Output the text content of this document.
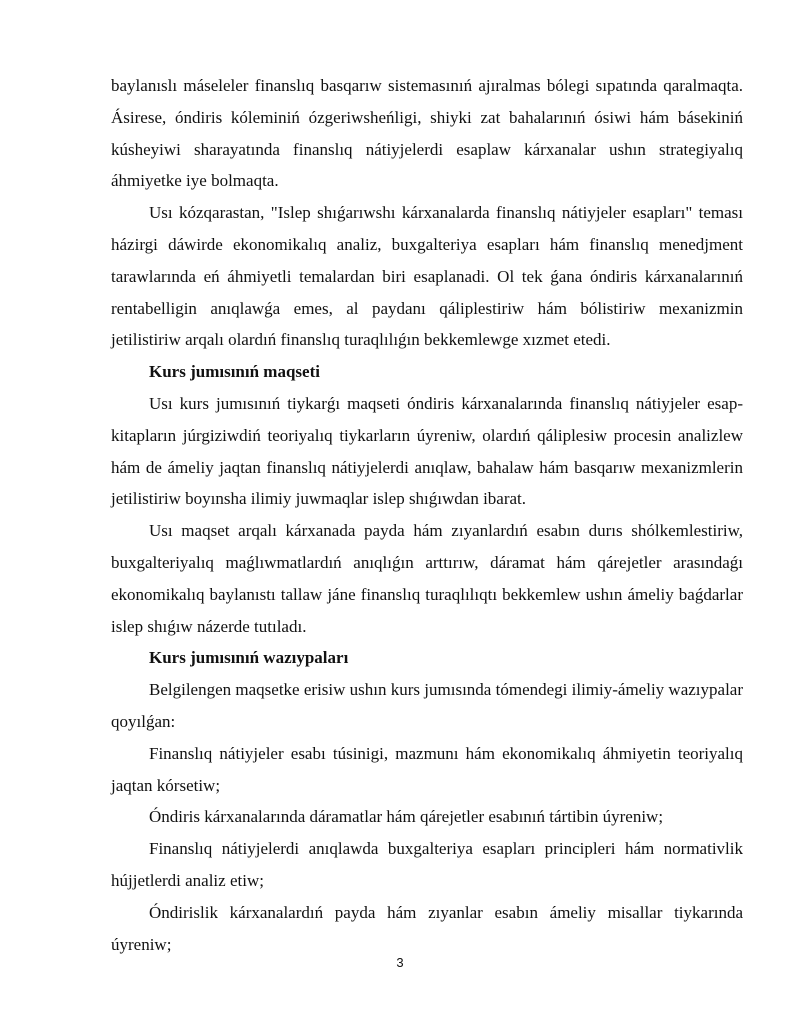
baylanıslı máseleler finanslıq basqarıw sistemasınıń ajıralmas bólegi sıpatında qaralmaqta. Ásirese, óndiris kóleminiń ózgeriwsheńligi, shiyki zat bahalarınıń ósiwi hám básekiniń kúsheyiwi sharayatında finanslıq nátiyjelerdi esaplaw kárxanalar ushın strategiyalıq áhmiyetke iye bolmaqta.

Usı kózqarastan, "Islep shıǵarıwshı kárxanalarda finanslıq nátiyjeler esapları" teması házirgi dáwirde ekonomikalıq analiz, buxgalteriya esapları hám finanslıq menedjment tarawlarında eń áhmiyetli temalardan biri esaplanadi. Ol tek ǵana óndiris kárxanalarınıń rentabelligin anıqlawǵa emes, al paydanı qáliplestiriw hám bólistiriw mexanizmin jetilistiriw arqalı olardıń finanslıq turaqlılıǵın bekkemlewge xızmet etedi.

Kurs jumısınıń maqseti

Usı kurs jumısınıń tiykarǵı maqseti óndiris kárxanalarında finanslıq nátiyjeler esap-kitapların júrgiziwdiń teoriyalıq tiykarların úyreniw, olardıń qáliplesiw procesin analizlew hám de ámeliy jaqtan finanslıq nátiyjelerdi anıqlaw, bahalaw hám basqarıw mexanizmlerin jetilistiriw boyınsha ilimiy juwmaqlar islep shıǵıwdan ibarat.

Usı maqset arqalı kárxanada payda hám zıyanlardıń esabın durıs shólkemlestiriw, buxgalteriyalıq maǵlıwmatlardıń anıqlıǵın arttırıw, dáramat hám qárejetler arasındaǵı ekonomikalıq baylanıstı tallaw jáne finanslıq turaqlılıqtı bekkemlew ushın ámeliy baǵdarlar islep shıǵıw názerde tutıladı.

Kurs jumısınıń wazıypaları

Belgilengen maqsetke erisiw ushın kurs jumısında tómendegi ilimiy-ámeliy wazıypalar qoyılǵan:

Finanslıq nátiyjeler esabı túsinigi, mazmunı hám ekonomikalıq áhmiyetin teoriyalıq jaqtan kórsetiw;

Óndiris kárxanalarında dáramatlar hám qárejetler esabınıń tártibin úyreniw;

Finanslıq nátiyjelerdi anıqlawda buxgalteriya esapları principleri hám normativlik hújjetlerdi analiz etiw;

Óndirislik kárxanalardıń payda hám zıyanlar esabın ámeliy misallar tiykarında úyreniw;

3
